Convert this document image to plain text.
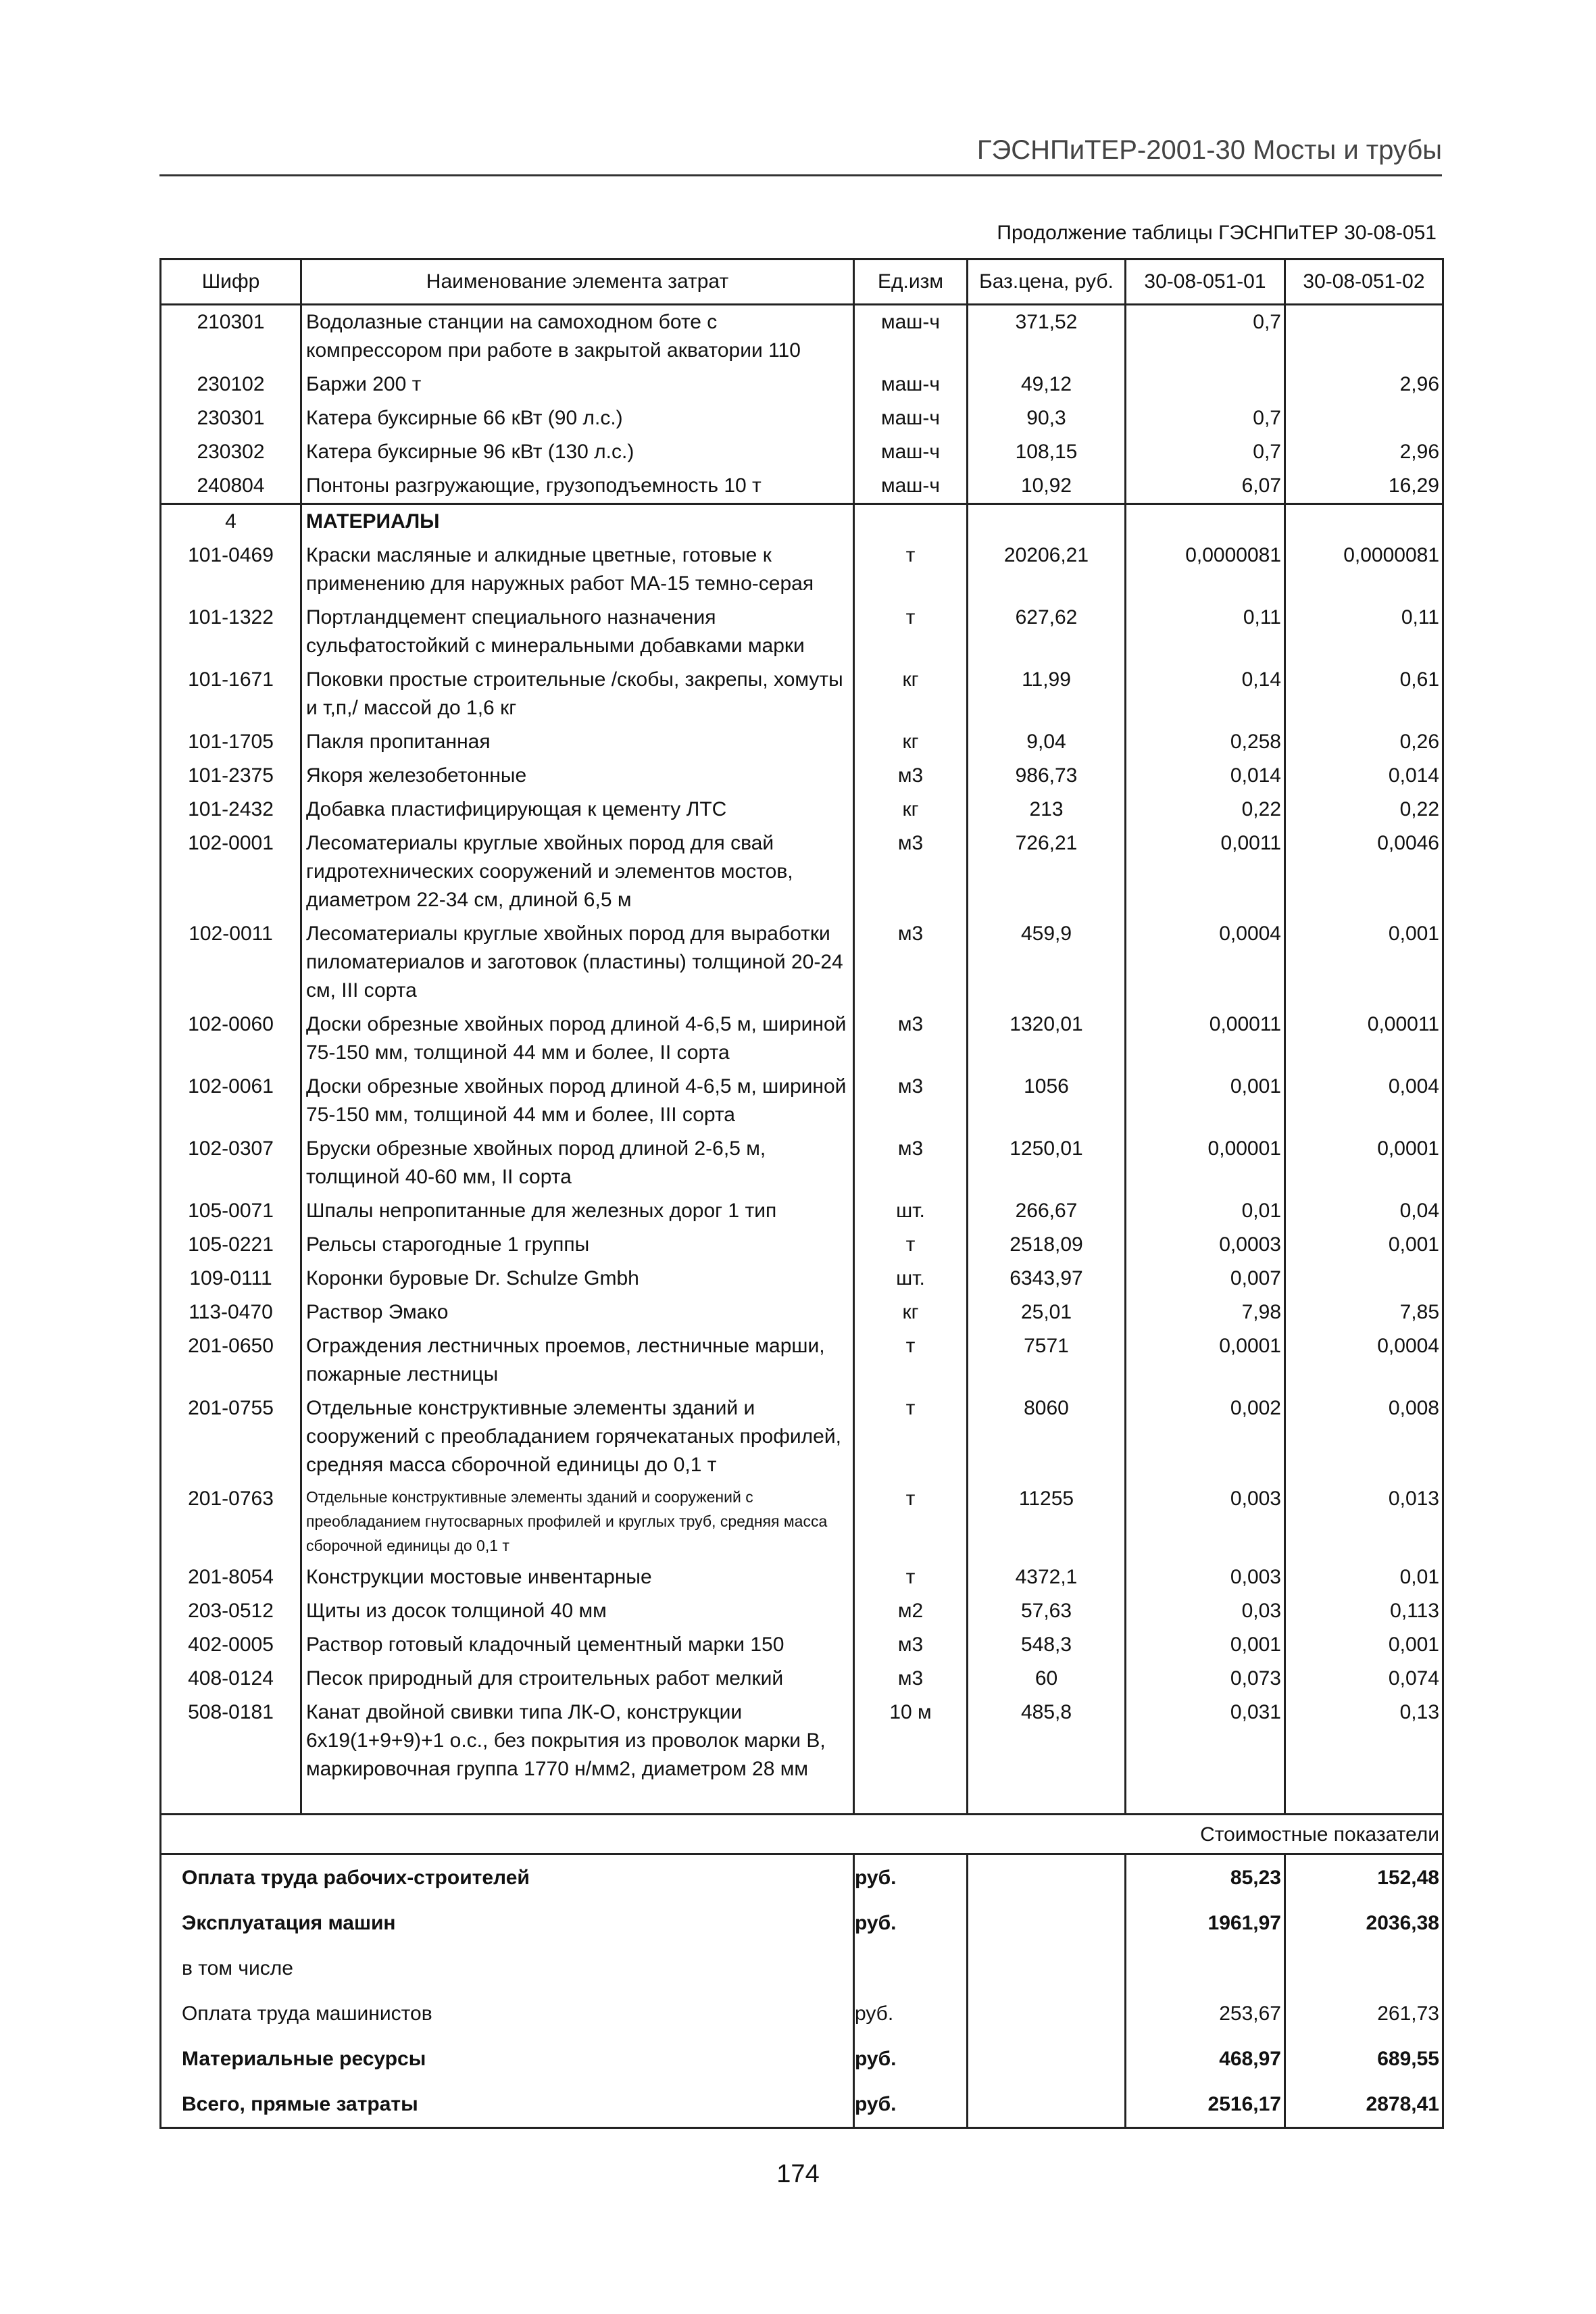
ГЭСНПиТЕР-2001-30 Мосты и трубы
Продолжение таблицы ГЭСНПиТЕР 30-08-051
Шифр	Наименование элемента затрат	Ед.изм	Баз.цена, руб.	30-08-051-01	30-08-051-02
210301	Водолазные станции на самоходном боте с компрессором при работе в закрытой акватории 110	маш-ч	371,52	0,7	
230102	Баржи 200 т	маш-ч	49,12		2,96
230301	Катера буксирные 66 кВт (90 л.с.)	маш-ч	90,3	0,7	
230302	Катера буксирные 96 кВт (130 л.с.)	маш-ч	108,15	0,7	2,96
240804	Понтоны разгружающие, грузоподъемность 10 т	маш-ч	10,92	6,07	16,29
4	МАТЕРИАЛЫ				
101-0469	Краски масляные и алкидные цветные, готовые к применению для наружных работ МА-15 темно-серая	т	20206,21	0,0000081	0,0000081
101-1322	Портландцемент специального назначения сульфатостойкий с минеральными добавками марки	т	627,62	0,11	0,11
101-1671	Поковки простые строительные /скобы, закрепы, хомуты и т,п,/ массой до 1,6 кг	кг	11,99	0,14	0,61
101-1705	Пакля пропитанная	кг	9,04	0,258	0,26
101-2375	Якоря железобетонные	м3	986,73	0,014	0,014
101-2432	Добавка пластифицирующая к цементу ЛТС	кг	213	0,22	0,22
102-0001	Лесоматериалы круглые хвойных пород для свай гидротехнических сооружений и элементов мостов, диаметром 22-34 см, длиной 6,5 м	м3	726,21	0,0011	0,0046
102-0011	Лесоматериалы круглые хвойных пород для выработки пиломатериалов и заготовок (пластины) толщиной 20-24 см, III сорта	м3	459,9	0,0004	0,001
102-0060	Доски обрезные хвойных пород длиной 4-6,5 м, шириной 75-150 мм, толщиной 44 мм и более, II сорта	м3	1320,01	0,00011	0,00011
102-0061	Доски обрезные хвойных пород длиной 4-6,5 м, шириной 75-150 мм, толщиной 44 мм и более, III сорта	м3	1056	0,001	0,004
102-0307	Бруски обрезные хвойных пород длиной 2-6,5 м, толщиной 40-60 мм, II сорта	м3	1250,01	0,00001	0,0001
105-0071	Шпалы непропитанные для железных дорог 1 тип	шт.	266,67	0,01	0,04
105-0221	Рельсы старогодные 1 группы	т	2518,09	0,0003	0,001
109-0111	Коронки буровые Dr. Schulze Gmbh	шт.	6343,97	0,007	
113-0470	Раствор Эмако	кг	25,01	7,98	7,85
201-0650	Ограждения лестничных проемов, лестничные марши, пожарные лестницы	т	7571	0,0001	0,0004
201-0755	Отдельные конструктивные элементы зданий и сооружений с преобладанием горячекатаных профилей, средняя масса сборочной единицы до 0,1 т	т	8060	0,002	0,008
201-0763	Отдельные конструктивные элементы зданий и сооружений с преобладанием гнутосварных профилей и круглых труб, средняя масса сборочной единицы до 0,1 т	т	11255	0,003	0,013
201-8054	Конструкции мостовые инвентарные	т	4372,1	0,003	0,01
203-0512	Щиты из досок толщиной 40 мм	м2	57,63	0,03	0,113
402-0005	Раствор готовый кладочный цементный марки 150	м3	548,3	0,001	0,001
408-0124	Песок природный для строительных работ мелкий	м3	60	0,073	0,074
508-0181	Канат двойной свивки типа ЛК-О, конструкции 6х19(1+9+9)+1 о.с., без покрытия из проволок марки В, маркировочная группа 1770 н/мм2, диаметром 28 мм	10 м	485,8	0,031	0,13

Стоимостные показатели					
Оплата труда рабочих-строителей		руб.		85,23	152,48
Эксплуатация машин		руб.		1961,97	2036,38
в том числе					
Оплата труда машинистов		руб.		253,67	261,73
Материальные ресурсы		руб.		468,97	689,55
Всего, прямые затраты		руб.		2516,17	2878,41
174
